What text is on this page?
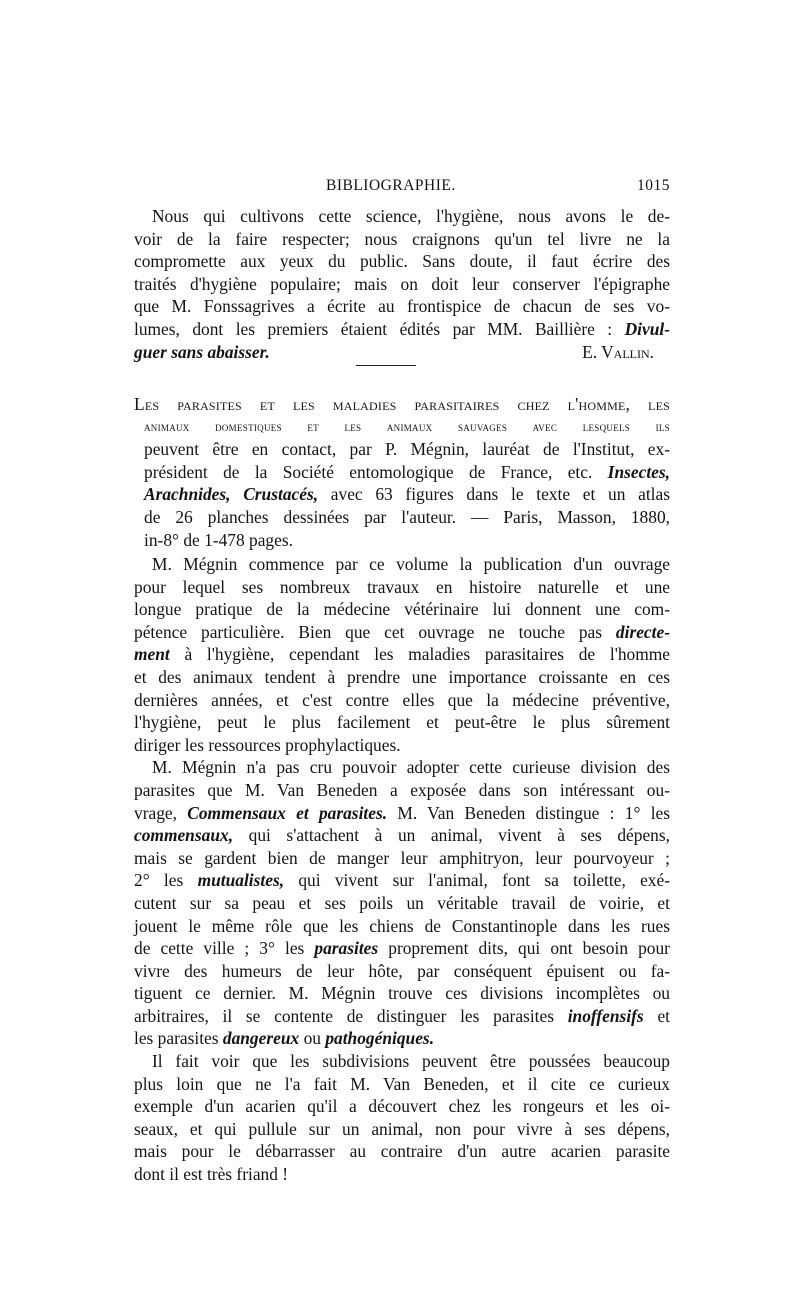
BIBLIOGRAPHIE.	1015
Nous qui cultivons cette science, l'hygiène, nous avons le de-
voir de la faire respecter; nous craignons qu'un tel livre ne la
compromette aux yeux du public. Sans doute, il faut écrire des
traités d'hygiène populaire; mais on doit leur conserver l'épigraphe
que M. Fonssagrives a écrite au frontispice de chacun de ses vo-
lumes, dont les premiers étaient édités par MM. Baillière : Divul-
guer sans abaisser.	E. Vallin.
Les parasites et les maladies parasitaires chez l'homme, les
animaux domestiques et les animaux sauvages avec lesquels ils
peuvent être en contact, par P. Mégnin, lauréat de l'Institut, ex-
président de la Société entomologique de France, etc. Insectes,
Arachnides, Crustacés, avec 63 figures dans le texte et un atlas
de 26 planches dessinées par l'auteur. — Paris, Masson, 1880,
in-8° de 1-478 pages.
M. Mégnin commence par ce volume la publication d'un ouvrage
pour lequel ses nombreux travaux en histoire naturelle et une
longue pratique de la médecine vétérinaire lui donnent une com-
pétence particulière. Bien que cet ouvrage ne touche pas directe-
ment à l'hygiène, cependant les maladies parasitaires de l'homme
et des animaux tendent à prendre une importance croissante en ces
dernières années, et c'est contre elles que la médecine préventive,
l'hygiène, peut le plus facilement et peut-être le plus sûrement
diriger les ressources prophylactiques.
M. Mégnin n'a pas cru pouvoir adopter cette curieuse division des
parasites que M. Van Beneden a exposée dans son intéressant ou-
vrage, Commensaux et parasites. M. Van Beneden distingue : 1° les
commensaux, qui s'attachent à un animal, vivent à ses dépens,
mais se gardent bien de manger leur amphitryon, leur pourvoyeur ;
2° les mutualistes, qui vivent sur l'animal, font sa toilette, exé-
cutent sur sa peau et ses poils un véritable travail de voirie, et
jouent le même rôle que les chiens de Constantinople dans les rues
de cette ville ; 3° les parasites proprement dits, qui ont besoin pour
vivre des humeurs de leur hôte, par conséquent épuisent ou fa-
tiguent ce dernier. M. Mégnin trouve ces divisions incomplètes ou
arbitraires, il se contente de distinguer les parasites inoffensifs et
les parasites dangereux ou pathogéniques.
Il fait voir que les subdivisions peuvent être poussées beaucoup
plus loin que ne l'a fait M. Van Beneden, et il cite ce curieux
exemple d'un acarien qu'il a découvert chez les rongeurs et les oi-
seaux, et qui pullule sur un animal, non pour vivre à ses dépens,
mais pour le débarrasser au contraire d'un autre acarien parasite
dont il est très friand !
